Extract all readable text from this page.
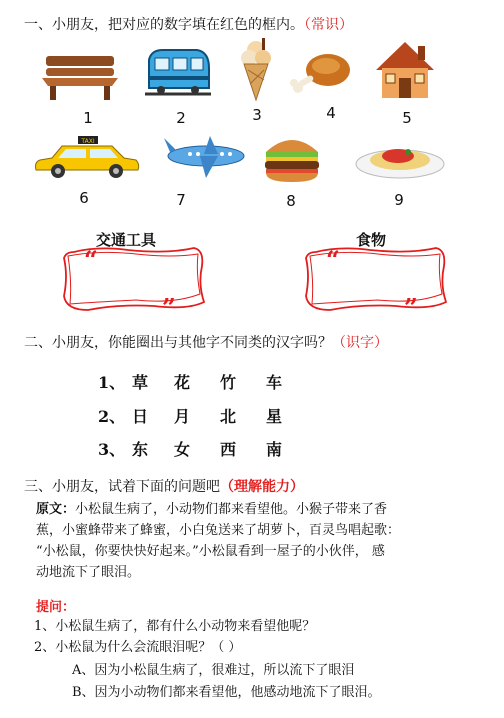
一、小朋友，把对应的数字填在红色的框内。（常识）
1	2	3	4	5
TAXI
6	7	8	9
交通工具	食物
“
”
“
”
二、小朋友，你能圈出与其他字不同类的汉字吗？（识字）
1、 草 花 竹 车
2、 日 月 北 星
3、 东 女 西 南
三、小朋友，试着下面的问题吧（理解能力）
原文：小松鼠生病了，小动物们都来看望他。小猴子带来了香
蕉，小蜜蜂带来了蜂蜜，小白兔送来了胡萝卜，百灵鸟唱起歌：
“小松鼠，你要快快好起来。”小松鼠看到一屋子的小伙伴， 感
动地流下了眼泪。
提问：
1、小松鼠生病了，都有什么小动物来看望他呢？
2、小松鼠为什么会流眼泪呢？（ ）
A、因为小松鼠生病了，很难过，所以流下了眼泪
B、因为小动物们都来看望他，他感动地流下了眼泪。
